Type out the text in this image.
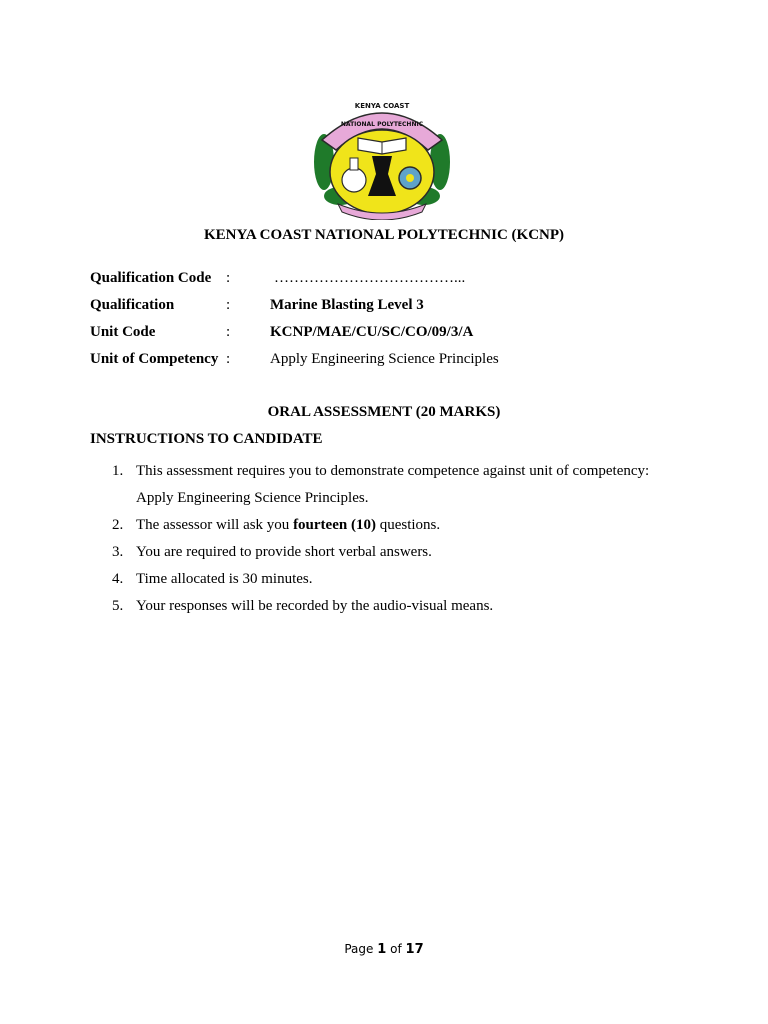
KENYA COAST
NATIONAL POLYTECHNIC
KENYA COAST NATIONAL POLYTECHNIC (KCNP)
Qualification Code :	………………………………...
Qualification	:	Marine Blasting Level 3
Unit Code	:	KCNP/MAE/CU/SC/CO/09/3/A
Unit of Competency :	Apply Engineering Science Principles
ORAL ASSESSMENT (20 MARKS)
INSTRUCTIONS TO CANDIDATE
1. This assessment requires you to demonstrate competence against unit of competency: Apply Engineering Science Principles.
2. The assessor will ask you fourteen (10) questions.
3. You are required to provide short verbal answers.
4. Time allocated is 30 minutes.
5. Your responses will be recorded by the audio-visual means.
Page 1 of 17
